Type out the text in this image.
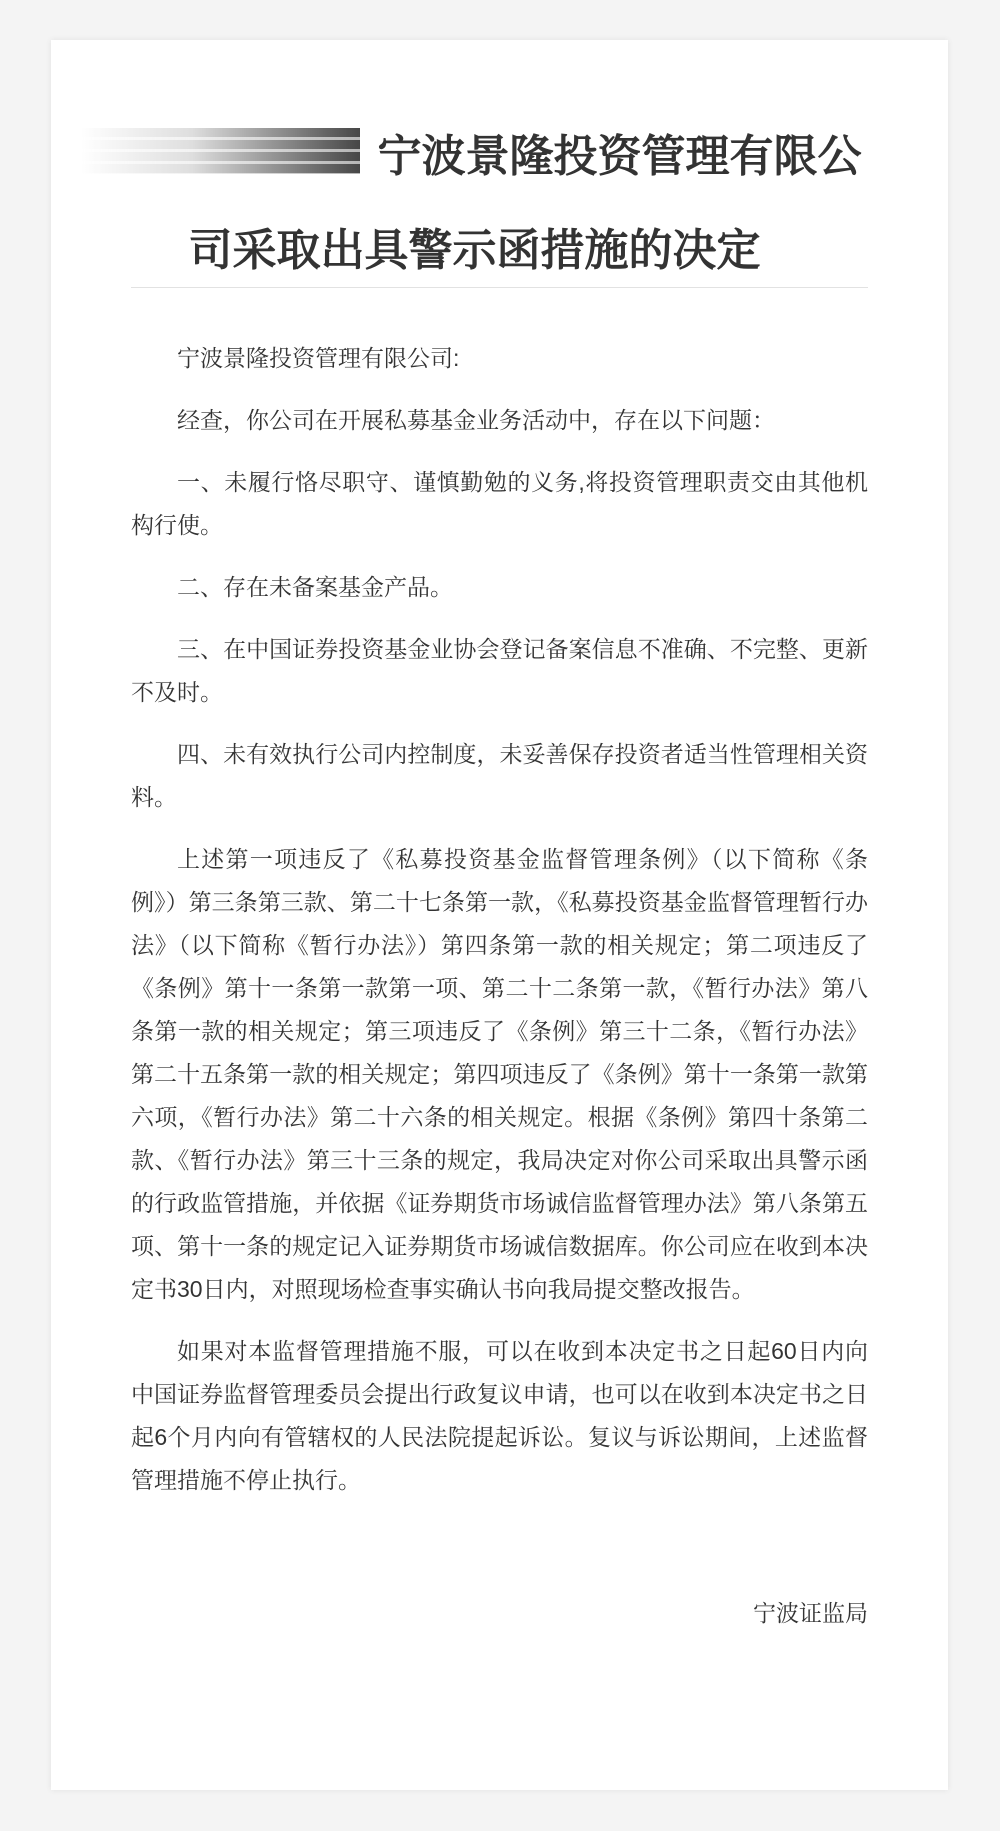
宁波景隆投资管理有限公司采取出具警示函措施的决定

宁波景隆投资管理有限公司:

经查，你公司在开展私募基金业务活动中，存在以下问题：

一、未履行恪尽职守、谨慎勤勉的义务,将投资管理职责交由其他机构行使。

二、存在未备案基金产品。

三、在中国证券投资基金业协会登记备案信息不准确、不完整、更新不及时。

四、未有效执行公司内控制度，未妥善保存投资者适当性管理相关资料。

上述第一项违反了《私募投资基金监督管理条例》（以下简称《条例》）第三条第三款、第二十七条第一款，《私募投资基金监督管理暂行办法》（以下简称《暂行办法》）第四条第一款的相关规定；第二项违反了《条例》第十一条第一款第一项、第二十二条第一款，《暂行办法》第八条第一款的相关规定；第三项违反了《条例》第三十二条，《暂行办法》第二十五条第一款的相关规定；第四项违反了《条例》第十一条第一款第六项，《暂行办法》第二十六条的相关规定。根据《条例》第四十条第二款、《暂行办法》第三十三条的规定，我局决定对你公司采取出具警示函的行政监管措施，并依据《证券期货市场诚信监督管理办法》第八条第五项、第十一条的规定记入证券期货市场诚信数据库。你公司应在收到本决定书30日内，对照现场检查事实确认书向我局提交整改报告。

如果对本监督管理措施不服，可以在收到本决定书之日起60日内向中国证券监督管理委员会提出行政复议申请，也可以在收到本决定书之日起6个月内向有管辖权的人民法院提起诉讼。复议与诉讼期间，上述监督管理措施不停止执行。

宁波证监局
